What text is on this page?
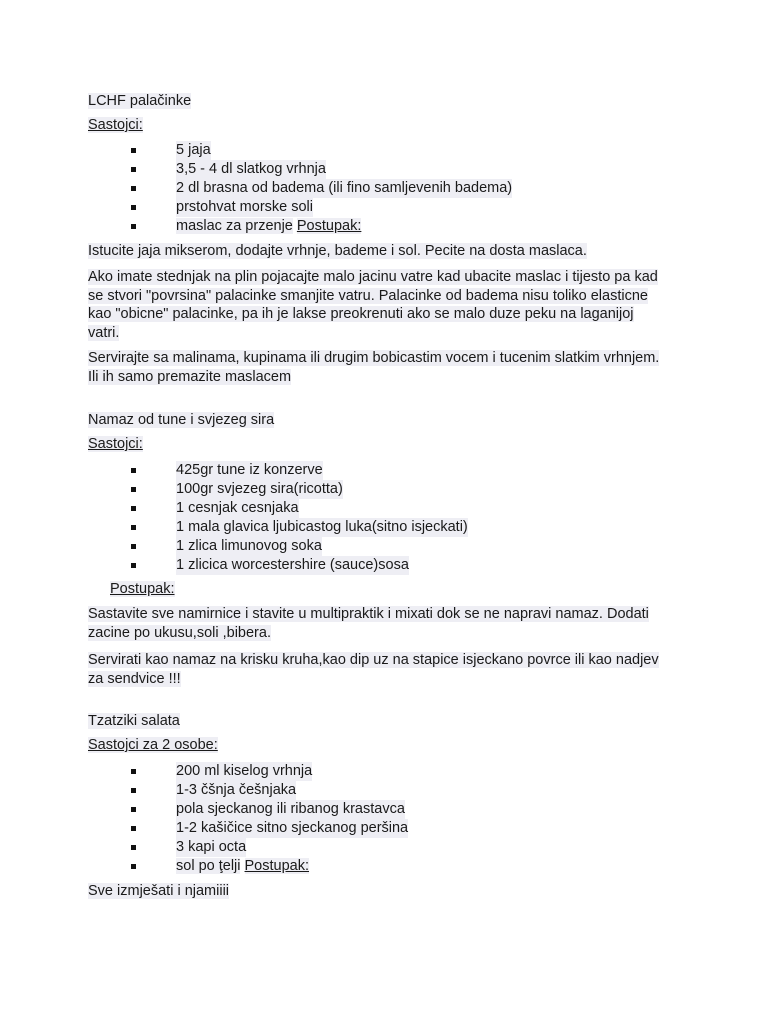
LCHF palačinke
Sastojci:
5 jaja
3,5 - 4 dl slatkog vrhnja
2 dl brasna od badema (ili fino samljevenih badema)
prstohvat morske soli
maslac za przenje Postupak:
Istucite jaja mikserom, dodajte vrhnje, bademe i sol. Pecite na dosta maslaca.
Ako imate stednjak na plin pojacajte malo jacinu vatre kad ubacite maslac i tijesto pa kad se stvori "povrsina" palacinke smanjite vatru. Palacinke od badema nisu toliko elasticne kao "obicne" palacinke, pa ih je lakse preokrenuti ako se malo duze peku na laganijoj vatri.
Servirajte sa malinama, kupinama ili drugim bobicastim vocem i tucenim slatkim vrhnjem. Ili ih samo premazite maslacem
Namaz od tune i svjezeg sira
Sastojci:
425gr tune iz konzerve
100gr svjezeg sira(ricotta)
1 cesnjak cesnjaka
1 mala glavica ljubicastog luka(sitno isjeckati)
1 zlica limunovog soka
1 zlicica worcestershire (sauce)sosa
Postupak:
Sastavite sve namirnice i stavite u multipraktik i mixati dok se ne napravi namaz. Dodati zacine po ukusu,soli ,bibera.
Servirati kao namaz na krisku kruha,kao dip uz na stapice isjeckano povrce ili kao nadjev za sendvice !!!
Tzatziki salata
Sastojci za 2 osobe:
200 ml kiselog vrhnja
1-3 čšnja češnjaka
pola sjeckanog ili ribanog krastavca
1-2 kašičice sitno sjeckanog peršina
3 kapi octa
sol po ţelji Postupak:
Sve izmješati i njamiiii
